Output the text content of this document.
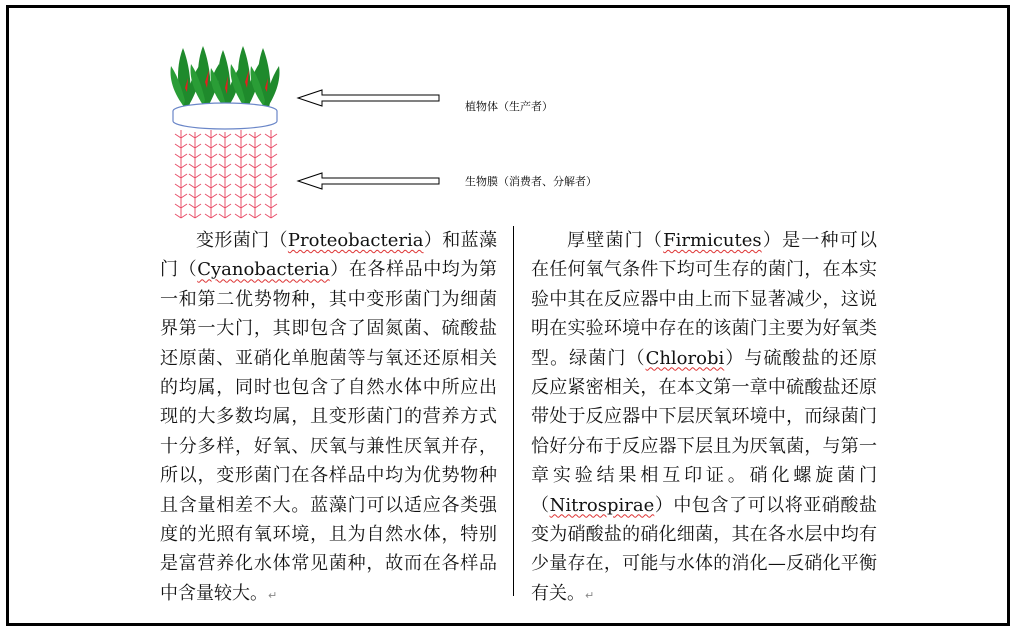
植物体（生产者）
生物膜（消费者、分解者）

变形菌门（Proteobacteria）和蓝藻门（Cyanobacteria）在各样品中均为第一和第二优势物种，其中变形菌门为细菌界第一大门，其即包含了固氮菌、硫酸盐还原菌、亚硝化单胞菌等与氧还还原相关的均属，同时也包含了自然水体中所应出现的大多数均属，且变形菌门的营养方式十分多样，好氧、厌氧与兼性厌氧并存，所以，变形菌门在各样品中均为优势物种且含量相差不大。蓝藻门可以适应各类强度的光照有氧环境，且为自然水体，特别是富营养化水体常见菌种，故而在各样品中含量较大。↵

厚壁菌门（Firmicutes）是一种可以在任何氧气条件下均可生存的菌门，在本实验中其在反应器中由上而下显著减少，这说明在实验环境中存在的该菌门主要为好氧类型。绿菌门（Chlorobi）与硫酸盐的还原反应紧密相关，在本文第一章中硫酸盐还原带处于反应器中下层厌氧环境中，而绿菌门恰好分布于反应器下层且为厌氧菌，与第一章实验结果相互印证。硝化螺旋菌门（Nitrospirae）中包含了可以将亚硝酸盐变为硝酸盐的硝化细菌，其在各水层中均有少量存在，可能与水体的消化—反硝化平衡有关。↵
